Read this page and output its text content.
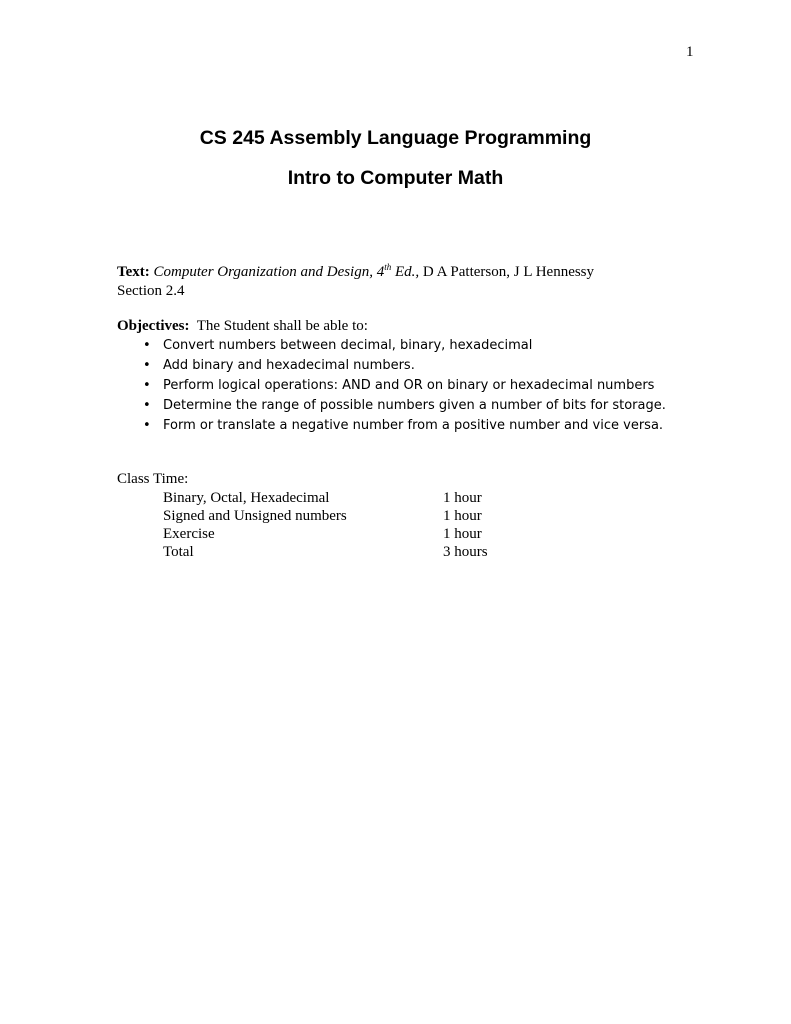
1
CS 245 Assembly Language Programming
Intro to Computer Math
Text: Computer Organization and Design, 4th Ed., D A Patterson, J L Hennessy
Section 2.4
Objectives: The Student shall be able to:
• Convert numbers between decimal, binary, hexadecimal
• Add binary and hexadecimal numbers.
• Perform logical operations: AND and OR on binary or hexadecimal numbers
• Determine the range of possible numbers given a number of bits for storage.
• Form or translate a negative number from a positive number and vice versa.
Class Time:
Binary, Octal, Hexadecimal	1 hour
Signed and Unsigned numbers	1 hour
Exercise	1 hour
Total	3 hours
